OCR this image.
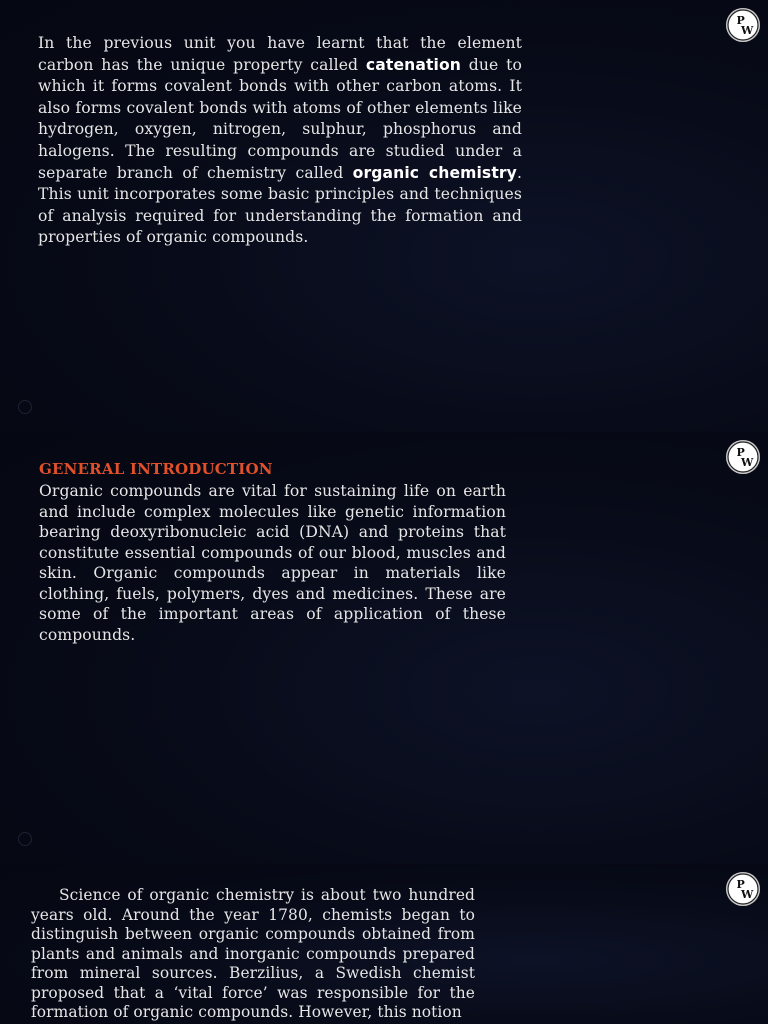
P
W

In the previous unit you have learnt that the element carbon has the unique property called catenation due to which it forms covalent bonds with other carbon atoms. It also forms covalent bonds with atoms of other elements like hydrogen, oxygen, nitrogen, sulphur, phosphorus and halogens. The resulting compounds are studied under a separate branch of chemistry called organic chemistry. This unit incorporates some basic principles and techniques of analysis required for understanding the formation and properties of organic compounds.

P
W
GENERAL INTRODUCTION

Organic compounds are vital for sustaining life on earth and include complex molecules like genetic information bearing deoxyribonucleic acid (DNA) and proteins that constitute essential compounds of our blood, muscles and skin. Organic compounds appear in materials like clothing, fuels, polymers, dyes and medicines. These are some of the important areas of application of these compounds.

P
W

Science of organic chemistry is about two hundred years old. Around the year 1780, chemists began to distinguish between organic compounds obtained from plants and animals and inorganic compounds prepared from mineral sources. Berzilius, a Swedish chemist proposed that a ‘vital force’ was responsible for the formation of organic compounds. However, this notion
